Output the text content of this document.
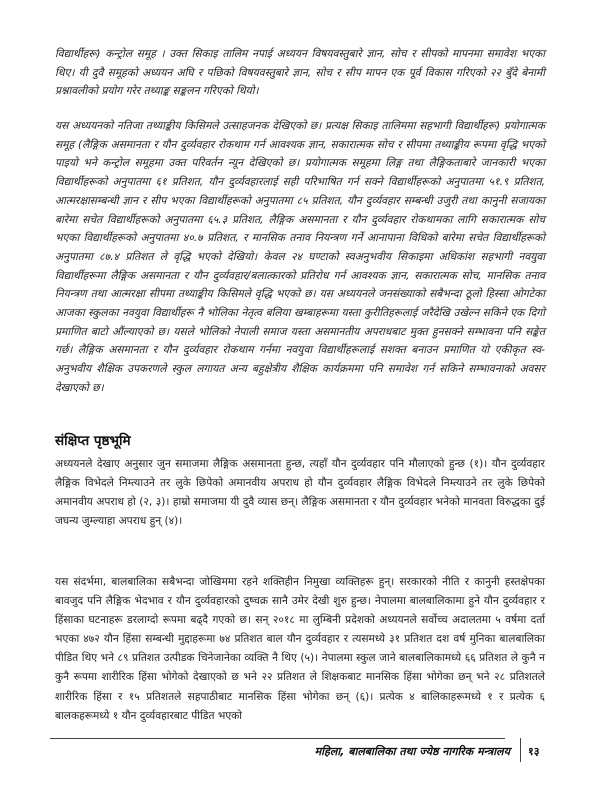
विद्यार्थीहरू) कन्ट्रोल समूह । उक्त सिकाइ तालिम नपाई अध्ययन विषयवस्तुबारे ज्ञान, सोच र सीपको मापनमा समावेश भएका थिए। यी दुवै समूहको अध्ययन अघि र पछिको विषयवस्तुबारे ज्ञान, सोच र सीप मापन एक पूर्व विकास गरिएको २२ बुँदे बेनामी प्रश्नावलीको प्रयोग गरेर तथ्याङ्क सङ्कलन गरिएको थियो।

यस अध्ययनको नतिजा तथ्याङ्कीय किसिमले उत्साहजनक देखिएको छ। प्रत्यक्ष सिकाइ तालिममा सहभागी विद्यार्थीहरू) प्रयोगात्मक समूह (लैङ्गिक असमानता र यौन दुर्व्यवहार रोकथाम गर्न आवश्यक ज्ञान, सकारात्मक सोच र सीपमा तथ्याङ्कीय रूपमा वृद्धि भएको पाइयो भने कन्ट्रोल समूहमा उक्त परिवर्तन न्यून देखिएको छ। प्रयोगात्मक समूहमा लिङ्ग तथा लैङ्गिकताबारे जानकारी भएका विद्यार्थीहरूको अनुपातमा ६१ प्रतिशत, यौन दुर्व्यवहारलाई सही परिभाषित गर्न सक्ने विद्यार्थीहरूको अनुपातमा ५१.९ प्रतिशत, आत्मरक्षासम्बन्धी ज्ञान र सीप भएका विद्यार्थीहरूको अनुपातमा ८५ प्रतिशत, यौन दुर्व्यवहार सम्बन्धी उजुरी तथा कानुनी सजायका बारेमा सचेत विद्यार्थीहरूको अनुपातमा ६५.३ प्रतिशत, लैङ्गिक असमानता र यौन दुर्व्यवहार रोकथामका लागि सकारात्मक सोच भएका विद्यार्थीहरूको अनुपातमा ४०.७ प्रतिशत, र मानसिक तनाव नियन्त्रण गर्ने आनापाना विधिको बारेमा सचेत विद्यार्थीहरूको अनुपातमा ८७.४ प्रतिशत ले वृद्धि भएको देखियो। केवल २४ घण्टाको स्वअनुभवीय सिकाइमा अधिकांश सहभागी नवयुवा विद्यार्थीहरूमा लैङ्गिक असमानता र यौन दुर्व्यवहार/बलात्कारको प्रतिरोध गर्न आवश्यक ज्ञान, सकारात्मक सोच, मानसिक तनाव नियन्त्रण तथा आत्मरक्षा सीपमा तथ्याङ्कीय किसिमले वृद्धि भएको छ। यस अध्ययनले जनसंख्याको सबैभन्दा ठूलो हिस्सा ओगटेका आजका स्कुलका नवयुवा विद्यार्थीहरू नै भोलिका नेतृत्व बलिया खम्बाहरूमा यस्ता कुरीतिहरूलाई जरैदेखि उखेल्न सकिने एक दिगो प्रमाणित बाटो औंल्याएको छ। यसले भोलिको नेपाली समाज यस्ता असमानतीय अपराधबाट मुक्त हुनसक्ने सम्भावना पनि सङ्केत गर्छ। लैङ्गिक असमानता र यौन दुर्व्यवहार रोकथाम गर्नमा नवयुवा विद्यार्थीहरूलाई सशक्त बनाउन प्रमाणित यो एकीकृत स्व-अनुभवीय शैक्षिक उपकरणले स्कुल लगायत अन्य बहुक्षेत्रीय शैक्षिक कार्यक्रममा पनि समावेश गर्न सकिने सम्भावनाको अवसर देखाएको छ।

संक्षिप्त पृष्ठभूमि

अध्ययनले देखाए अनुसार जुन समाजमा लैङ्गिक असमानता हुन्छ, त्यहाँ यौन दुर्व्यवहार पनि मौलाएको हुन्छ (१)। यौन दुर्व्यवहार लैङ्गिक विभेदले निम्त्याउने तर लुके छिपेको अमानवीय अपराध हो यौन दुर्व्यवहार लैङ्गिक विभेदले निम्त्याउने तर लुके छिपेको अमानवीय अपराध हो (२, ३)। हाम्रो समाजमा यी दुवै व्यास छन्। लैङ्गिक असमानता र यौन दुर्व्यवहार भनेको मानवता विरुद्धका दुई जघन्य जुम्ल्याहा अपराध हुन् (४)।

यस संदर्भमा, बालबालिका सबैभन्दा जोखिममा रहने शक्तिहीन निमुखा व्यक्तिहरू हुन्। सरकारको नीति र कानुनी हस्तक्षेपका बावजुद पनि लैङ्गिक भेदभाव र यौन दुर्व्यवहारको दुष्चक्र सानै उमेर देखी शुरु हुन्छ। नेपालमा बालबालिकामा हुने यौन दुर्व्यवहार र हिंसाका घटनाहरू डरलाग्दो रूपमा बढ्दै गएको छ। सन् २०१८ मा लुम्बिनी प्रदेशको अध्ययनले सर्वोच्च अदालतमा ५ वर्षमा दर्ता भएका ४७२ यौन हिंसा सम्बन्धी मुद्दाहरूमा ७४ प्रतिशत बाल यौन दुर्व्यवहार र त्यसमध्ये ३१ प्रतिशत दश वर्ष मुनिका बालबालिका पीडित थिए भने ८९ प्रतिशत उत्पीडक चिनेजानेका व्यक्ति नै थिए (५)। नेपालमा स्कुल जाने बालबालिकामध्ये ६६ प्रतिशत ले कुनै न कुनै रूपमा शारीरिक हिंसा भोगेको देखाएको छ भने २२ प्रतिशत ले शिक्षकबाट मानसिक हिंसा भोगेका छन् भने २८ प्रतिशतले शारीरिक हिंसा र १५ प्रतिशतले सहपाठीबाट मानसिक हिंसा भोगेका छन् (६)। प्रत्येक ४ बालिकाहरूमध्ये १ र प्रत्येक ६ बालकहरूमध्ये १ यौन दुर्व्यवहारबाट पीडित भएको

महिला, बालबालिका तथा ज्येष्ठ नागरिक मन्त्रालय १३
